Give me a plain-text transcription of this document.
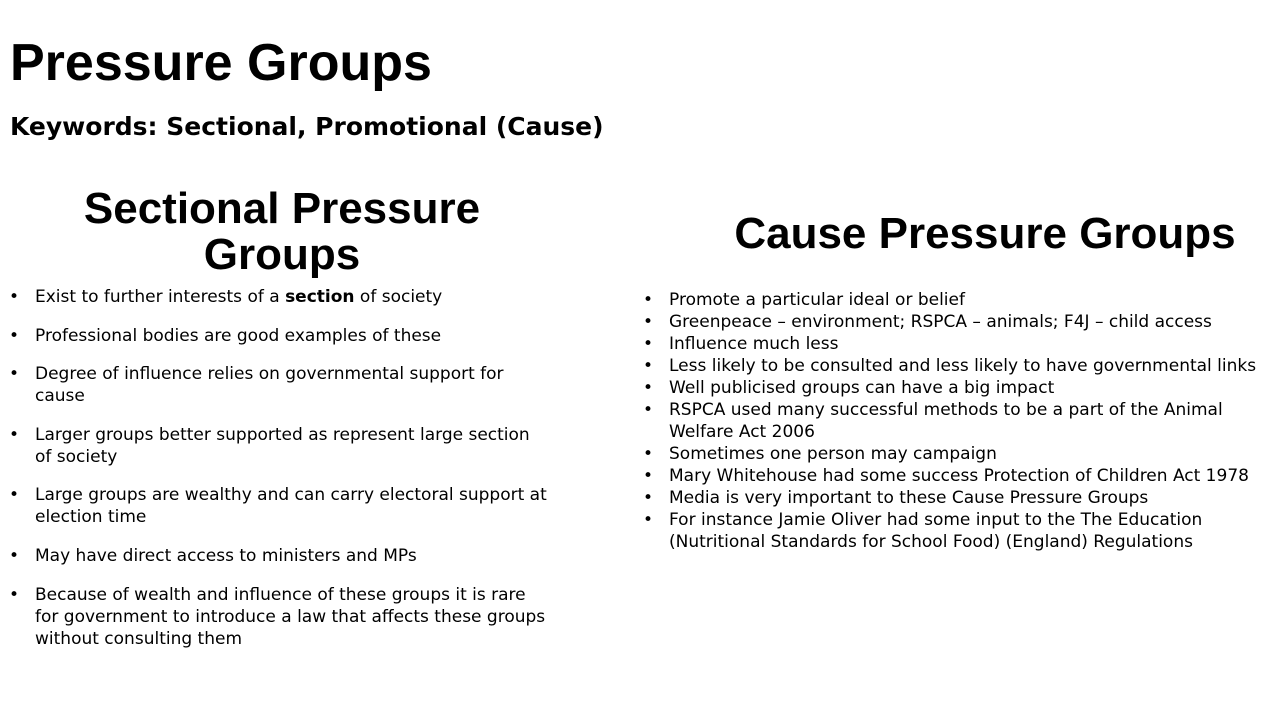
Pressure Groups
Keywords: Sectional, Promotional (Cause)
Sectional Pressure Groups	Cause Pressure Groups
• Exist to further interests of a section of society
• Professional bodies are good examples of these
• Degree of influence relies on governmental support for cause
• Larger groups better supported as represent large section of society
• Large groups are wealthy and can carry electoral support at election time
• May have direct access to ministers and MPs
• Because of wealth and influence of these groups it is rare for government to introduce a law that affects these groups without consulting them
• Promote a particular ideal or belief
• Greenpeace – environment; RSPCA – animals; F4J – child access
• Influence much less
• Less likely to be consulted and less likely to have governmental links
• Well publicised groups can have a big impact
• RSPCA used many successful methods to be a part of the Animal Welfare Act 2006
• Sometimes one person may campaign
• Mary Whitehouse had some success Protection of Children Act 1978
• Media is very important to these Cause Pressure Groups
• For instance Jamie Oliver had some input to the The Education (Nutritional Standards for School Food) (England) Regulations
